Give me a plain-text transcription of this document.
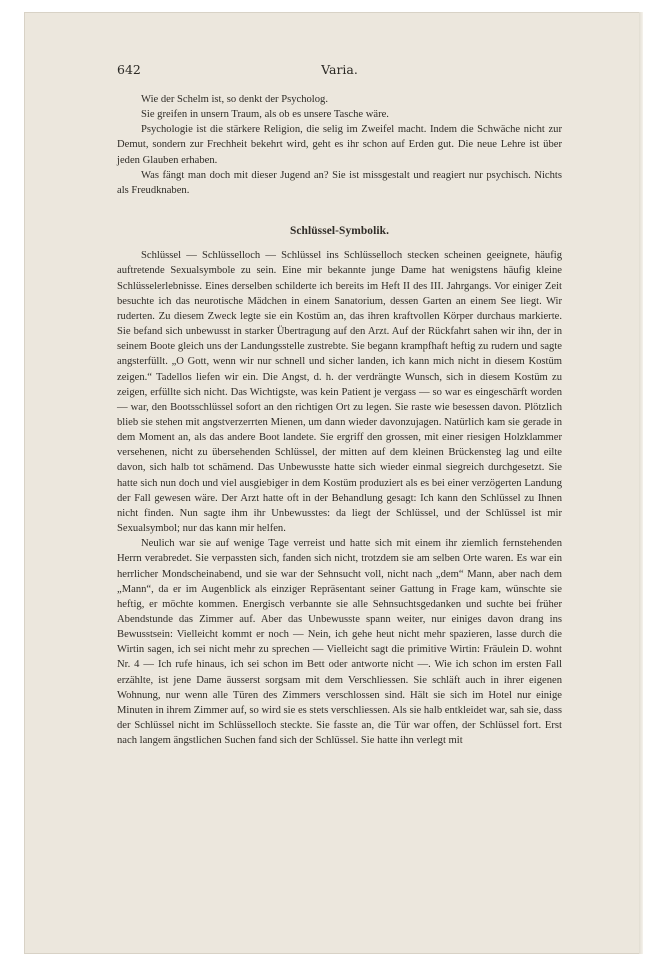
642	Varia.

Wie der Schelm ist, so denkt der Psycholog.

Sie greifen in unsern Traum, als ob es unsere Tasche wäre.

Psychologie ist die stärkere Religion, die selig im Zweifel macht. Indem die Schwäche nicht zur Demut, sondern zur Frechheit bekehrt wird, geht es ihr schon auf Erden gut. Die neue Lehre ist über jeden Glauben erhaben.

Was fängt man doch mit dieser Jugend an? Sie ist missgestalt und reagiert nur psychisch. Nichts als Freudknaben.

Schlüssel-Symbolik.

Schlüssel — Schlüsselloch — Schlüssel ins Schlüsselloch stecken scheinen geeignete, häufig auftretende Sexualsymbole zu sein. Eine mir bekannte junge Dame hat wenigstens häufig kleine Schlüsselerlebnisse. Eines derselben schilderte ich bereits im Heft II des III. Jahrgangs. Vor einiger Zeit besuchte ich das neurotische Mädchen in einem Sanatorium, dessen Garten an einem See liegt. Wir ruderten. Zu diesem Zweck legte sie ein Kostüm an, das ihren kraftvollen Körper durchaus markierte. Sie befand sich unbewusst in starker Übertragung auf den Arzt. Auf der Rückfahrt sahen wir ihn, der in seinem Boote gleich uns der Landungsstelle zustrebte. Sie begann krampfhaft heftig zu rudern und sagte angsterfüllt. „O Gott, wenn wir nur schnell und sicher landen, ich kann mich nicht in diesem Kostüm zeigen.“ Tadellos liefen wir ein. Die Angst, d. h. der verdrängte Wunsch, sich in diesem Kostüm zu zeigen, erfüllte sich nicht. Das Wichtigste, was kein Patient je vergass — so war es eingeschärft worden — war, den Bootsschlüssel sofort an den richtigen Ort zu legen. Sie raste wie besessen davon. Plötzlich blieb sie stehen mit angstverzerrten Mienen, um dann wieder davonzujagen. Natürlich kam sie gerade in dem Moment an, als das andere Boot landete. Sie ergriff den grossen, mit einer riesigen Holzklammer versehenen, nicht zu übersehenden Schlüssel, der mitten auf dem kleinen Brückensteg lag und eilte davon, sich halb tot schämend. Das Unbewusste hatte sich wieder einmal siegreich durchgesetzt. Sie hatte sich nun doch und viel ausgiebiger in dem Kostüm produziert als es bei einer verzögerten Landung der Fall gewesen wäre. Der Arzt hatte oft in der Behandlung gesagt: Ich kann den Schlüssel zu Ihnen nicht finden. Nun sagte ihm ihr Unbewusstes: da liegt der Schlüssel, und der Schlüssel ist mir Sexualsymbol; nur das kann mir helfen.

Neulich war sie auf wenige Tage verreist und hatte sich mit einem ihr ziemlich fernstehenden Herrn verabredet. Sie verpassten sich, fanden sich nicht, trotzdem sie am selben Orte waren. Es war ein herrlicher Mondscheinabend, und sie war der Sehnsucht voll, nicht nach „dem“ Mann, aber nach dem „Mann“, da er im Augenblick als einziger Repräsentant seiner Gattung in Frage kam, wünschte sie heftig, er möchte kommen. Energisch verbannte sie alle Sehnsuchtsgedanken und suchte bei früher Abendstunde das Zimmer auf. Aber das Unbewusste spann weiter, nur einiges davon drang ins Bewusstsein: Vielleicht kommt er noch — Nein, ich gehe heut nicht mehr spazieren, lasse durch die Wirtin sagen, ich sei nicht mehr zu sprechen — Vielleicht sagt die primitive Wirtin: Fräulein D. wohnt Nr. 4 — Ich rufe hinaus, ich sei schon im Bett oder antworte nicht —. Wie ich schon im ersten Fall erzählte, ist jene Dame äusserst sorgsam mit dem Verschliessen. Sie schläft auch in ihrer eigenen Wohnung, nur wenn alle Türen des Zimmers verschlossen sind. Hält sie sich im Hotel nur einige Minuten in ihrem Zimmer auf, so wird sie es stets verschliessen. Als sie halb entkleidet war, sah sie, dass der Schlüssel nicht im Schlüsselloch steckte. Sie fasste an, die Tür war offen, der Schlüssel fort. Erst nach langem ängstlichen Suchen fand sich der Schlüssel. Sie hatte ihn verlegt mit
